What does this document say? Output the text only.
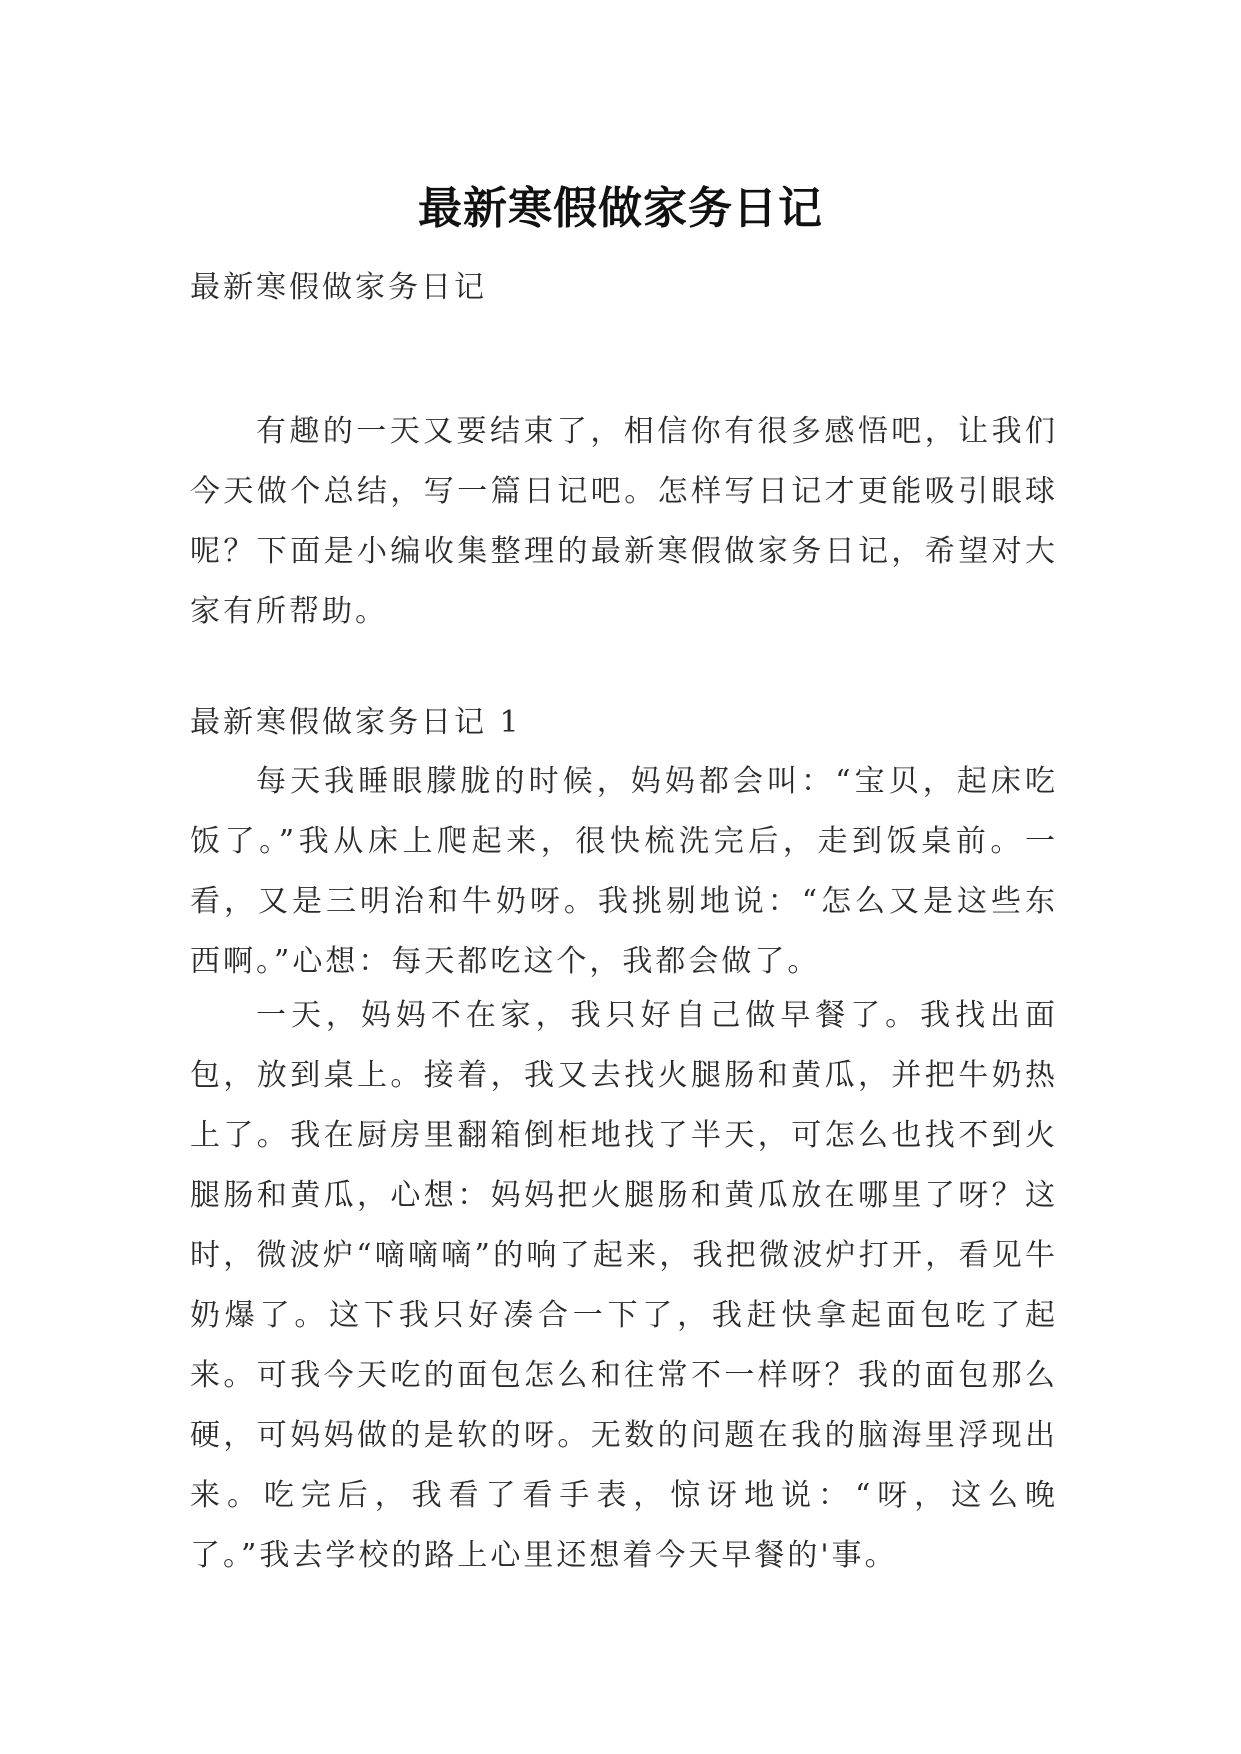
最新寒假做家务日记

最新寒假做家务日记

有趣的一天又要结束了，相信你有很多感悟吧，让我们今天做个总结，写一篇日记吧。怎样写日记才更能吸引眼球呢？下面是小编收集整理的最新寒假做家务日记，希望对大家有所帮助。

最新寒假做家务日记 1

每天我睡眼朦胧的时候，妈妈都会叫：“宝贝，起床吃饭了。”我从床上爬起来，很快梳洗完后，走到饭桌前。一看，又是三明治和牛奶呀。我挑剔地说：“怎么又是这些东西啊。”心想：每天都吃这个，我都会做了。

一天，妈妈不在家，我只好自己做早餐了。我找出面包，放到桌上。接着，我又去找火腿肠和黄瓜，并把牛奶热上了。我在厨房里翻箱倒柜地找了半天，可怎么也找不到火腿肠和黄瓜，心想：妈妈把火腿肠和黄瓜放在哪里了呀？这时，微波炉“嘀嘀嘀”的响了起来，我把微波炉打开，看见牛奶爆了。这下我只好凑合一下了，我赶快拿起面包吃了起来。可我今天吃的面包怎么和往常不一样呀？我的面包那么硬，可妈妈做的是软的呀。无数的问题在我的脑海里浮现出来。吃完后，我看了看手表，惊讶地说：“呀，这么晚了。”我去学校的路上心里还想着今天早餐的'事。
